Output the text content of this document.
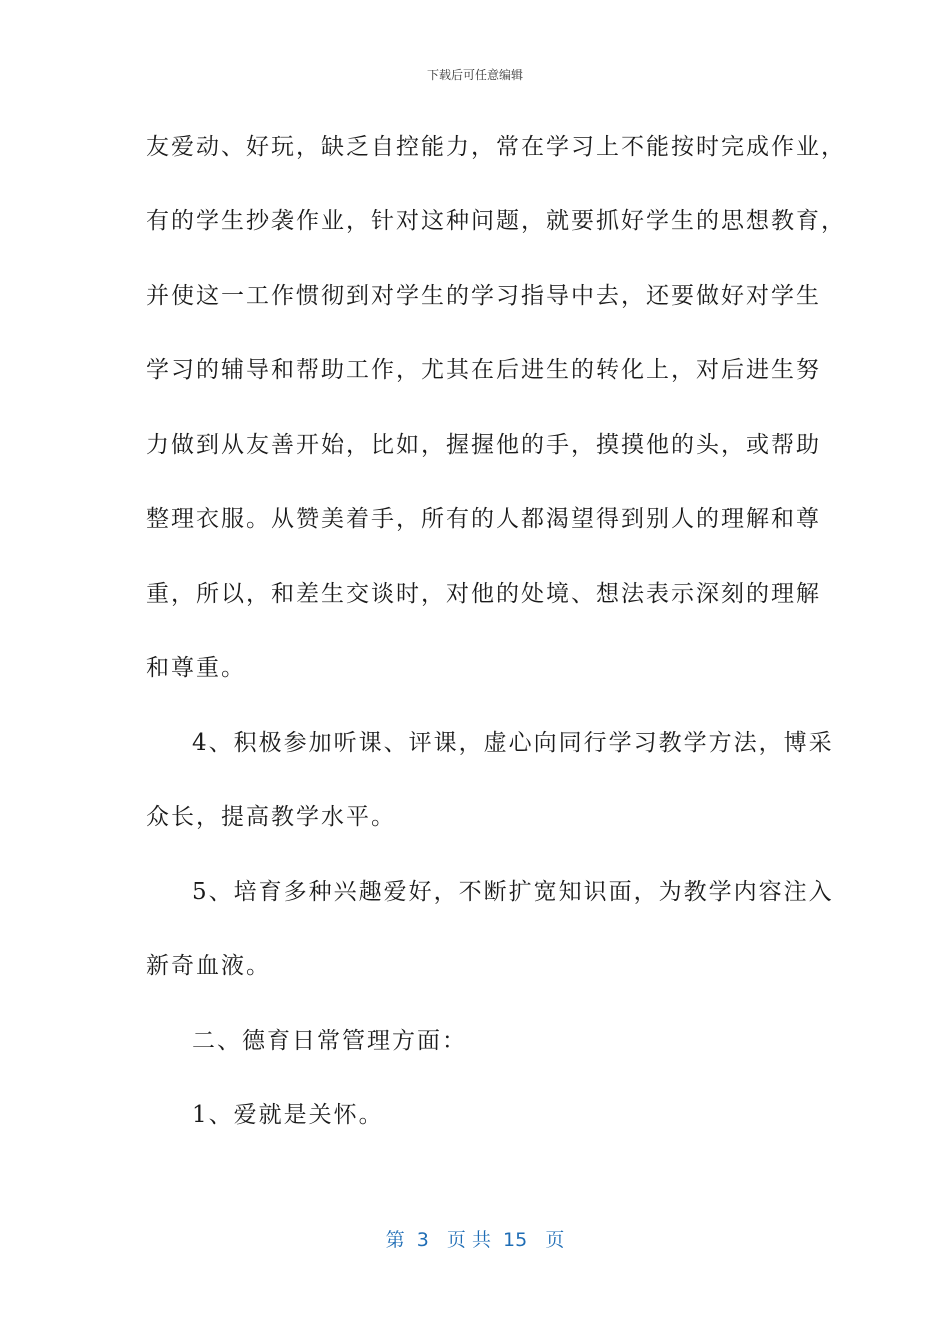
下载后可任意编辑
友爱动、好玩，缺乏自控能力，常在学习上不能按时完成作业，
有的学生抄袭作业，针对这种问题，就要抓好学生的思想教育，
并使这一工作惯彻到对学生的学习指导中去，还要做好对学生
学习的辅导和帮助工作，尤其在后进生的转化上，对后进生努
力做到从友善开始，比如，握握他的手，摸摸他的头，或帮助
整理衣服。从赞美着手，所有的人都渴望得到别人的理解和尊
重，所以，和差生交谈时，对他的处境、想法表示深刻的理解
和尊重。
4、积极参加听课、评课，虚心向同行学习教学方法，博采
众长，提高教学水平。
5、培育多种兴趣爱好，不断扩宽知识面，为教学内容注入
新奇血液。
二、德育日常管理方面：
1、爱就是关怀。
第  3   页 共  15   页
